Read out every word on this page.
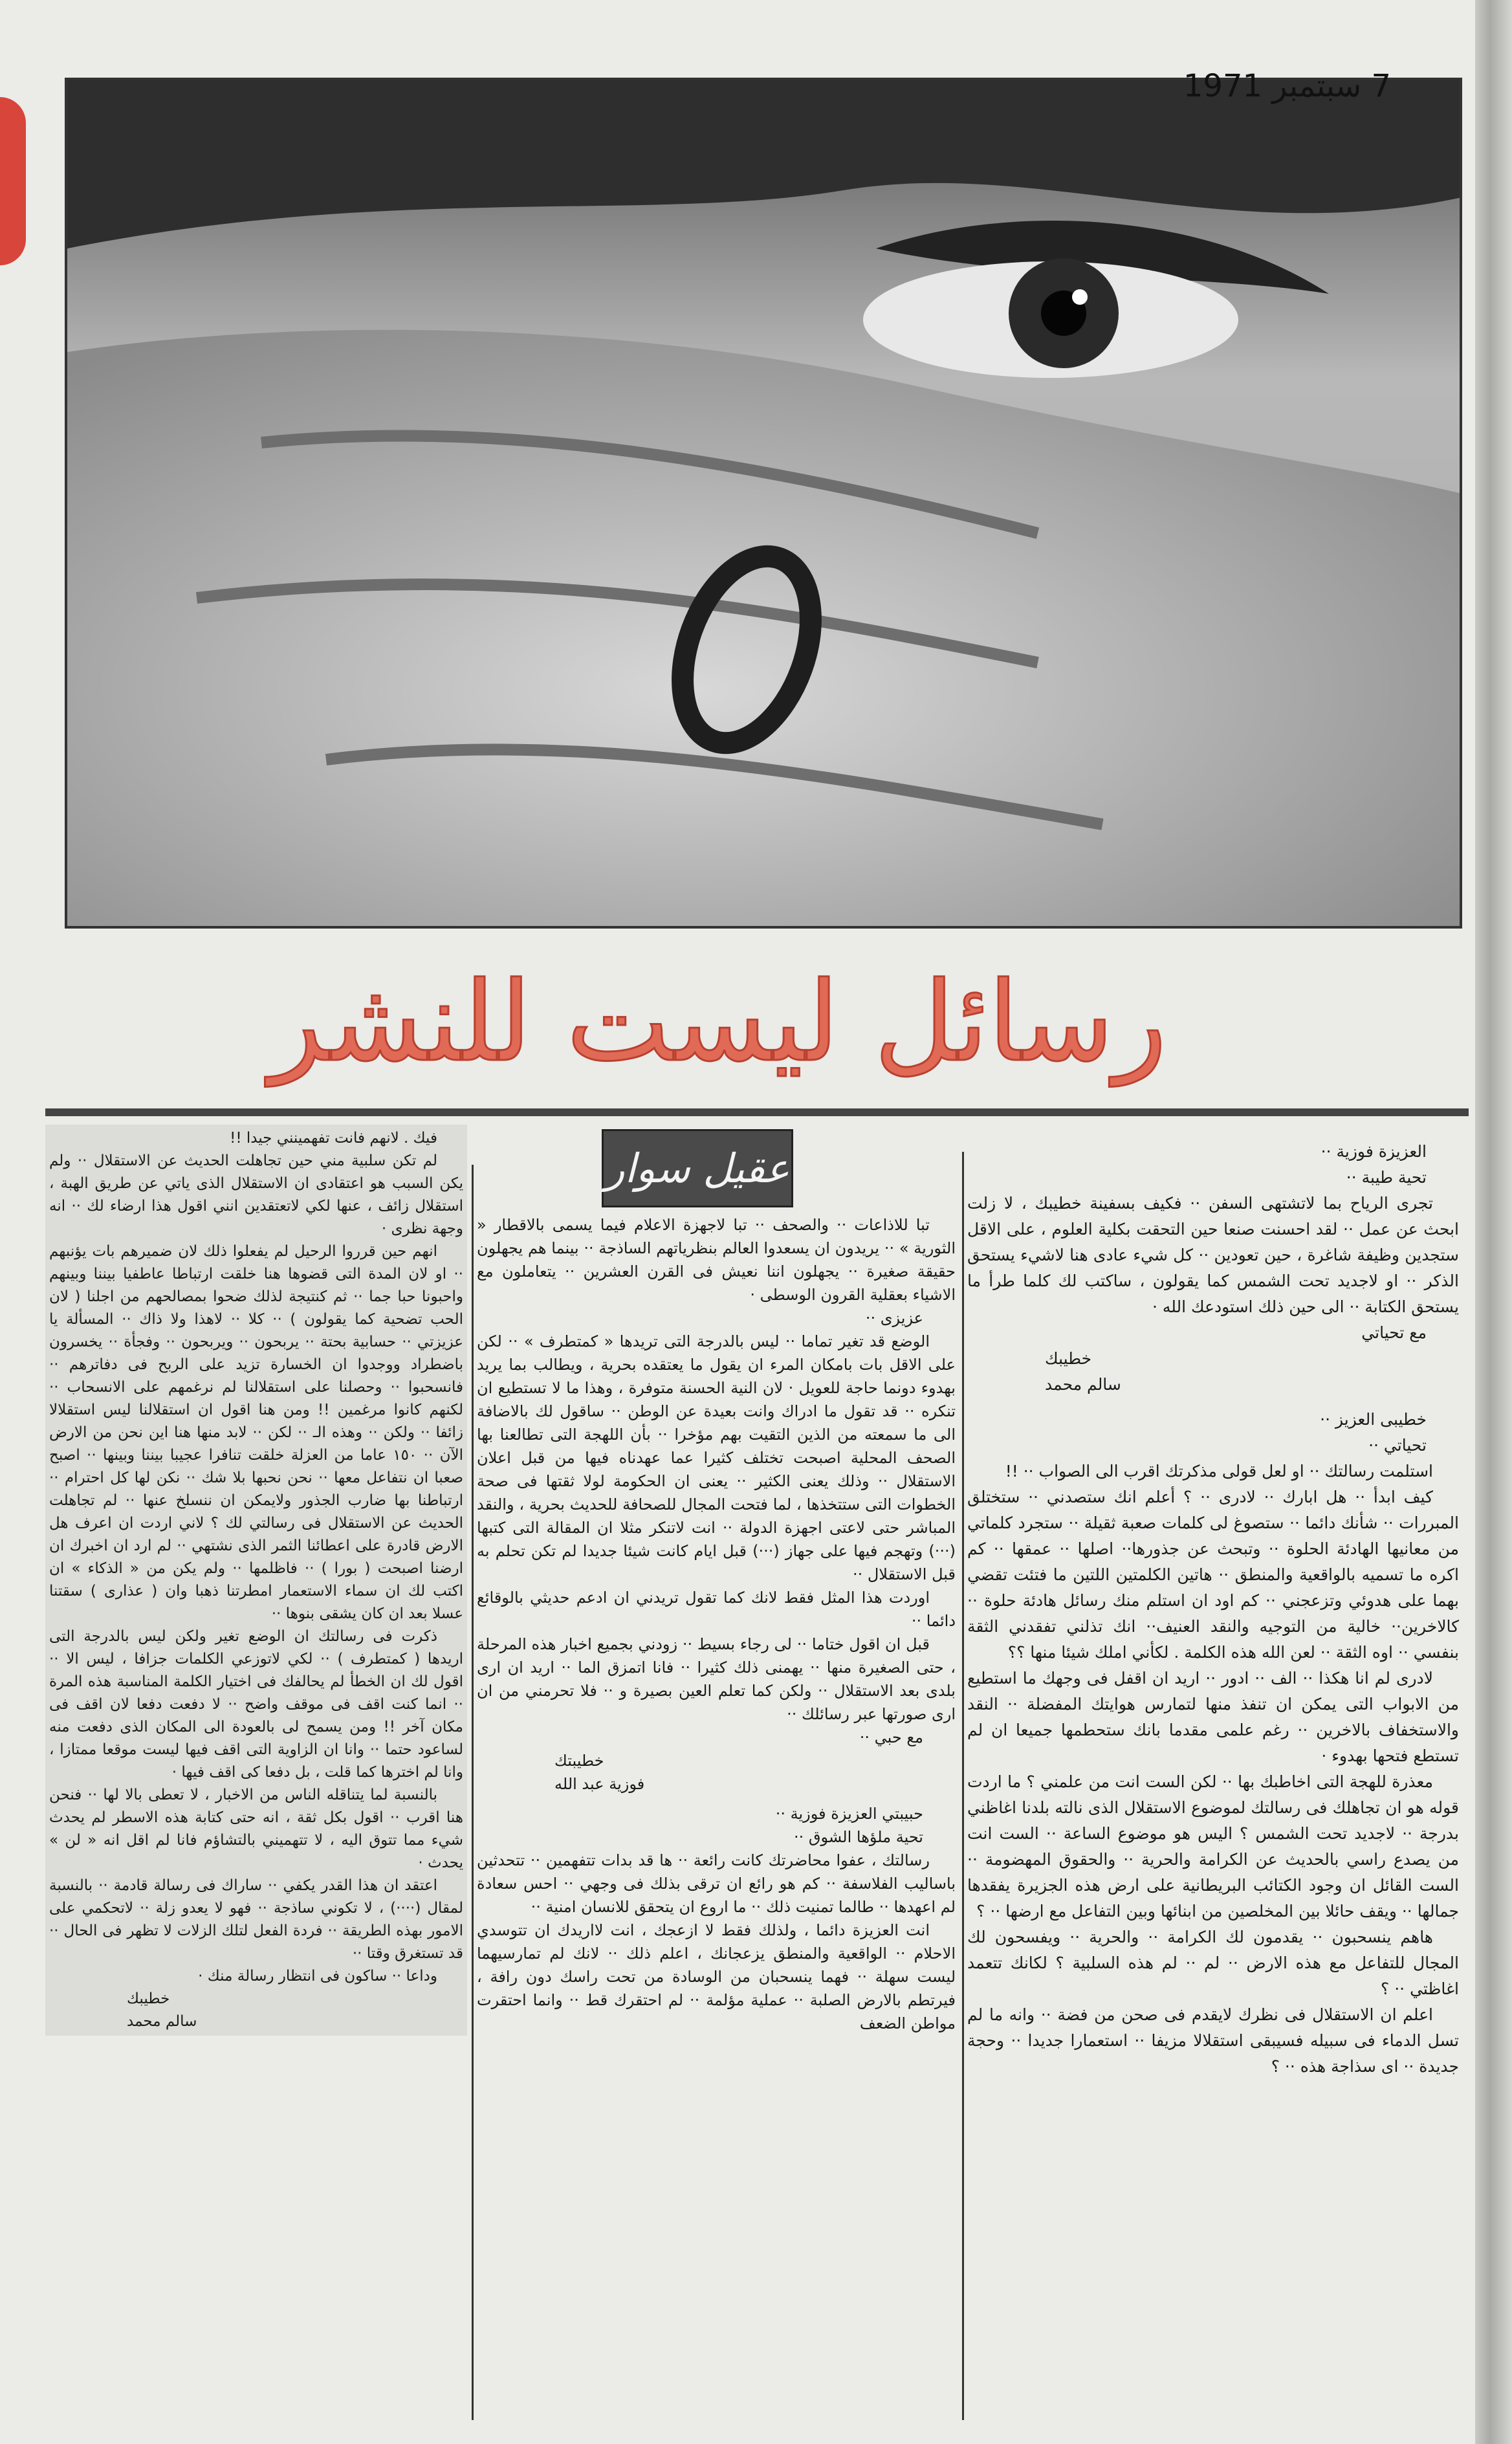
7 سبتمبر 1971
رسائل ليست للنشر
عقيل سوار	العزيزة فوزية ··

تحية طيبة ··

تجرى الرياح بما لاتشتهى السفن ·· فكيف بسفينة خطيبك ، لا زلت ابحث عن عمل ·· لقد احسنت صنعا حين التحقت بكلية العلوم ، على الاقل ستجدين وظيفة شاغرة ، حين تعودين ·· كل شيء عادى هنا لاشيء يستحق الذكر ·· او لاجديد تحت الشمس كما يقولون ، ساكتب لك كلما طرأ ما يستحق الكتابة ·· الى حين ذلك استودعك الله ·

مع تحياتي

خطيبك

سالم محمد

خطيبى العزيز ··

تحياتي ··

استلمت رسالتك ·· او لعل قولى مذكرتك اقرب الى الصواب ·· !!

كيف ابدأ ·· هل ابارك ·· لادرى ·· ؟ أعلم انك ستصدني ·· ستختلق المبررات ·· شأنك دائما ·· ستصوغ لى كلمات صعبة ثقيلة ·· ستجرد كلماتي من معانيها الهادئة الحلوة ·· وتبحث عن جذورها·· اصلها ·· عمقها ·· كم اكره ما تسميه بالواقعية والمنطق ·· هاتين الكلمتين اللتين ما فتئت تقضي بهما على هدوئي وتزعجني ·· كم اود ان استلم منك رسائل هادئة حلوة ·· كالاخرين·· خالية من التوجيه والنقد العنيف·· انك تذلني تفقدني الثقة بنفسي ·· اوه الثقة ·· لعن الله هذه الكلمة . لكأني املك شيئا منها ؟؟

لادرى لم انا هكذا ·· الف ·· ادور ·· اريد ان اقفل فى وجهك ما استطيع من الابواب التى يمكن ان تنفذ منها لتمارس هوايتك المفضلة ·· النقد والاستخفاف بالاخرين ·· رغم علمى مقدما بانك ستحطمها جميعا ان لم تستطع فتحها بهدوء ·

معذرة للهجة التى اخاطبك بها ·· لكن الست انت من علمني ؟ ما اردت قوله هو ان تجاهلك فى رسالتك لموضوع الاستقلال الذى نالته بلدنا اغاظني بدرجة ·· لاجديد تحت الشمس ؟ اليس هو موضوع الساعة ·· الست انت من يصدع راسي بالحديث عن الكرامة والحرية ·· والحقوق المهضومة ·· الست القائل ان وجود الكتائب البريطانية على ارض هذه الجزيرة يفقدها جمالها ·· ويقف حائلا بين المخلصين من ابنائها وبين التفاعل مع ارضها ·· ؟

هاهم ينسحبون ·· يقدمون لك الكرامة ·· والحرية ·· ويفسحون لك المجال للتفاعل مع هذه الارض ·· لم ·· لم هذه السلبية ؟ لكانك تتعمد اغاظتي ·· ؟

اعلم ان الاستقلال فى نظرك لايقدم فى صحن من فضة ·· وانه ما لم تسل الدماء فى سبيله فسيبقى استقلالا مزيفا ·· استعمارا جديدا ·· وحجة جديدة ·· اى سذاجة هذه ·· ؟

تبا للاذاعات ·· والصحف ·· تبا لاجهزة الاعلام فيما يسمى بالاقطار « الثورية » ·· يريدون ان يسعدوا العالم بنظرياتهم الساذجة ·· بينما هم يجهلون حقيقة صغيرة ·· يجهلون اننا نعيش فى القرن العشرين ·· يتعاملون مع الاشياء بعقلية القرون الوسطى ·

عزيزى ··

الوضع قد تغير تماما ·· ليس بالدرجة التى تريدها « كمتطرف » ·· لكن على الاقل بات بامكان المرء ان يقول ما يعتقده بحرية ، ويطالب بما يريد بهدوء دونما حاجة للعويل · لان النية الحسنة متوفرة ، وهذا ما لا تستطيع ان تنكره ·· قد تقول ما ادراك وانت بعيدة عن الوطن ·· ساقول لك بالاضافة الى ما سمعته من الذين التقيت بهم مؤخرا ·· بأن اللهجة التى تطالعنا بها الصحف المحلية اصبحت تختلف كثيرا عما عهدناه فيها من قبل اعلان الاستقلال ·· وذلك يعنى الكثير ·· يعنى ان الحكومة لولا ثقتها فى صحة الخطوات التى ستتخذها ، لما فتحت المجال للصحافة للحديث بحرية ، والنقد المباشر حتى لاعتى اجهزة الدولة ·· انت لاتنكر مثلا ان المقالة التى كتبها (···) وتهجم فيها على جهاز (···) قبل ايام كانت شيئا جديدا لم تكن تحلم به قبل الاستقلال ··

اوردت هذا المثل فقط لانك كما تقول تريدني ان ادعم حديثي بالوقائع دائما ··

قبل ان اقول ختاما ·· لى رجاء بسيط ·· زودني بجميع اخبار هذه المرحلة ، حتى الصغيرة منها ·· يهمنى ذلك كثيرا ·· فانا اتمزق الما ·· اريد ان ارى بلدى بعد الاستقلال ·· ولكن كما تعلم العين بصيرة و ·· فلا تحرمني من ان ارى صورتها عبر رسائلك ··

مع حبي ··

خطيبتك

فوزية عبد الله

حبيبتي العزيزة فوزية ··

تحية ملؤها الشوق ··

رسالتك ، عفوا محاضرتك كانت رائعة ·· ها قد بدات تتفهمين ·· تتحدثين باساليب الفلاسفة ·· كم هو رائع ان ترقى بذلك فى وجهي ·· احس سعادة لم اعهدها ·· طالما تمنيت ذلك ·· ما اروع ان يتحقق للانسان امنية ··

انت العزيزة دائما ، ولذلك فقط لا ازعجك ، انت لااريدك ان تتوسدي الاحلام ·· الواقعية والمنطق يزعجانك ، اعلم ذلك ·· لانك لم تمارسيهما ليست سهلة ·· فهما ينسحبان من الوسادة من تحت راسك دون رافة ، فيرتطم بالارض الصلبة ·· عملية مؤلمة ·· لم احتقرك قط ·· وانما احتقرت مواطن الضعف

فيك . لانهم فانت تفهمينني جيدا !!

لم تكن سلبية مني حين تجاهلت الحديث عن الاستقلال ·· ولم يكن السبب هو اعتقادى ان الاستقلال الذى ياتي عن طريق الهبة ، استقلال زائف ، عنها لكي لاتعتقدين انني اقول هذا ارضاء لك ·· انه وجهة نظرى ·

انهم حين قرروا الرحيل لم يفعلوا ذلك لان ضميرهم بات يؤنبهم ·· او لان المدة التى قضوها هنا خلقت ارتباطا عاطفيا بيننا وبينهم واحبونا حبا جما ·· ثم كنتيجة لذلك ضحوا بمصالحهم من اجلنا ( لان الحب تضحية كما يقولون ) ·· كلا ·· لاهذا ولا ذاك ·· المسألة يا عزيزتي ·· حسابية بحتة ·· يربحون ·· ويربحون ·· وفجأة ·· يخسرون باضطراد ووجدوا ان الخسارة تزيد على الربح فى دفاترهم ·· فانسحبوا ·· وحصلنا على استقلالنا لم نرغمهم على الانسحاب ·· لكنهم كانوا مرغمين !! ومن هنا اقول ان استقلالنا ليس استقلالا زائفا ·· ولكن ·· وهذه الـ ·· لكن ·· لابد منها هنا اين نحن من الارض الآن ·· ١٥٠ عاما من العزلة خلقت تنافرا عجيبا بيننا وبينها ·· اصبح صعبا ان نتفاعل معها ·· نحن نحبها بلا شك ·· نكن لها كل احترام ·· ارتباطنا بها ضارب الجذور ولايمكن ان ننسلخ عنها ·· لم تجاهلت الحديث عن الاستقلال فى رسالتي لك ؟ لاني اردت ان اعرف هل الارض قادرة على اعطائنا الثمر الذى نشتهي ·· لم ارد ان اخبرك ان ارضنا اصبحت ( بورا ) ·· فاظلمها ·· ولم يكن من « الذكاء » ان اكتب لك ان سماء الاستعمار امطرتنا ذهبا وان ( عذارى ) سقتنا عسلا بعد ان كان يشقى بنوها ··

ذكرت فى رسالتك ان الوضع تغير ولكن ليس بالدرجة التى اريدها ( كمتطرف ) ·· لكي لاتوزعي الكلمات جزافا ، ليس الا ·· اقول لك ان الخطأ لم يحالفك فى اختيار الكلمة المناسبة هذه المرة ·· انما كنت اقف فى موقف واضح ·· لا دفعت دفعا لان اقف فى مكان آخر !! ومن يسمح لى بالعودة الى المكان الذى دفعت منه لساعود حتما ·· وانا ان الزاوية التى اقف فيها ليست موقعا ممتازا ، وانا لم اخترها كما قلت ، بل دفعا كى اقف فيها ·

بالنسبة لما يتناقله الناس من الاخبار ، لا تعطى بالا لها ·· فنحن هنا اقرب ·· اقول بكل ثقة ، انه حتى كتابة هذه الاسطر لم يحدث شيء مما تتوق اليه ، لا تتهميني بالتشاؤم فانا لم اقل انه « لن » يحدث ·

اعتقد ان هذا القدر يكفي ·· ساراك فى رسالة قادمة ·· بالنسبة لمقال (····) ، لا تكوني ساذجة ·· فهو لا يعدو زلة ·· لاتحكمي على الامور بهذه الطريقة ·· فردة الفعل لتلك الزلات لا تظهر فى الحال ·· قد تستغرق وقتا ··

وداعا ·· ساكون فى انتظار رسالة منك ·

خطيبك

سالم محمد
